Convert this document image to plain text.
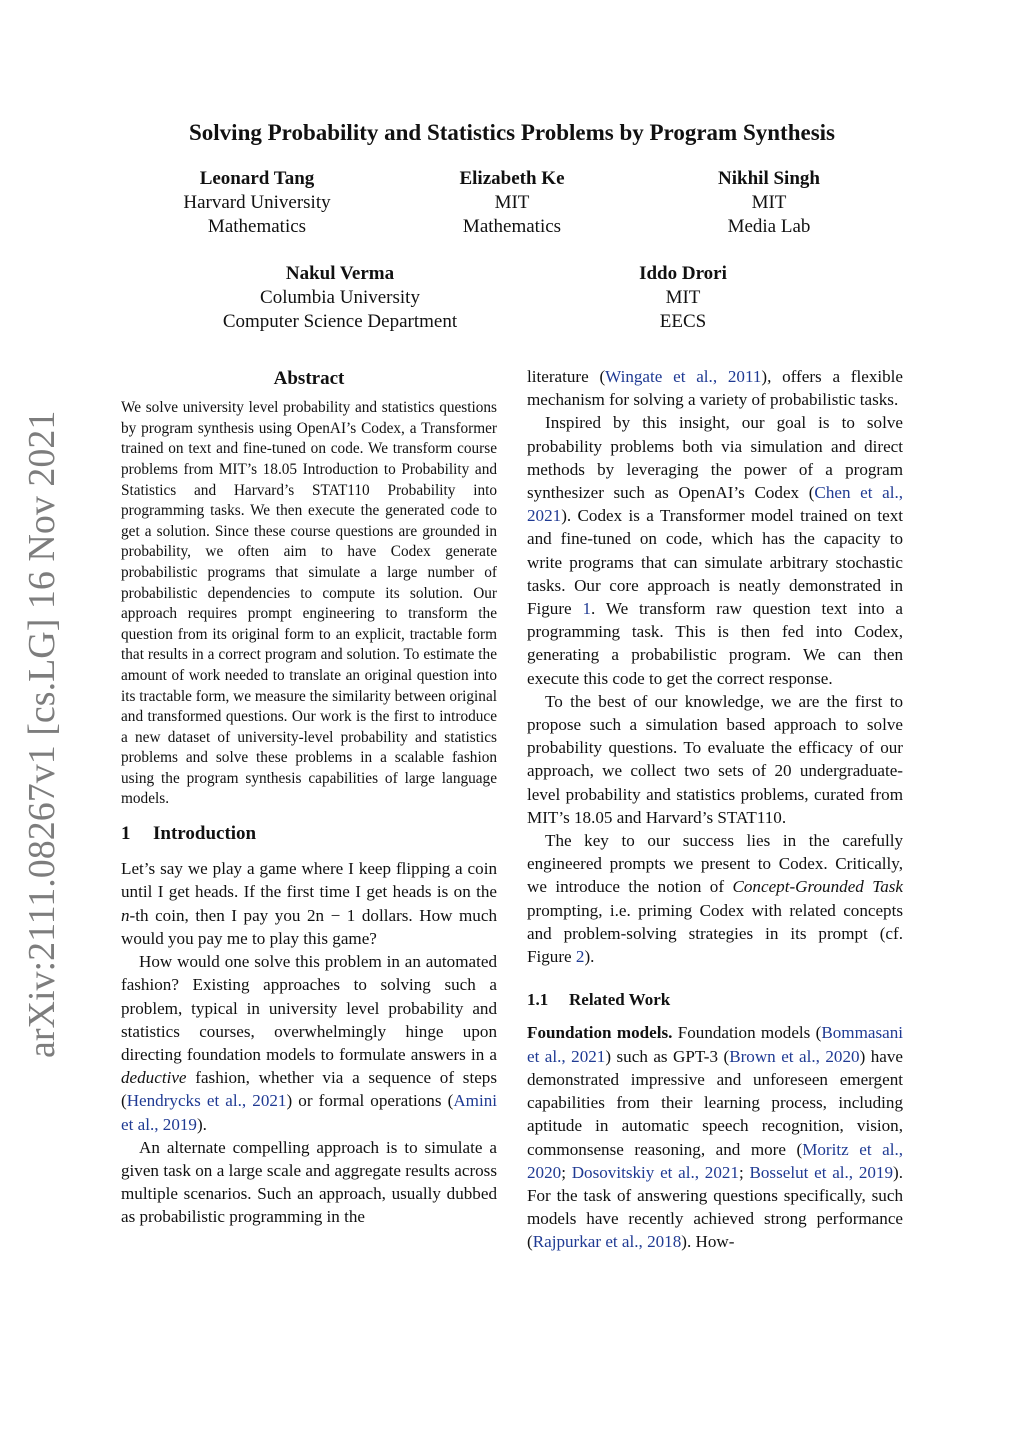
arXiv:2111.08267v1 [cs.LG] 16 Nov 2021
Solving Probability and Statistics Problems by Program Synthesis
Leonard Tang
Harvard University
Mathematics
Elizabeth Ke
MIT
Mathematics
Nikhil Singh
MIT
Media Lab
Nakul Verma
Columbia University
Computer Science Department
Iddo Drori
MIT
EECS
Abstract

We solve university level probability and statistics questions by program synthesis using OpenAI’s Codex, a Transformer trained on text and fine-tuned on code. We transform course problems from MIT’s 18.05 Introduction to Probability and Statistics and Harvard’s STAT110 Probability into programming tasks. We then execute the generated code to get a solution. Since these course questions are grounded in probability, we often aim to have Codex generate probabilistic programs that simulate a large number of probabilistic dependencies to compute its solution. Our approach requires prompt engineering to transform the question from its original form to an explicit, tractable form that results in a correct program and solution. To estimate the amount of work needed to translate an original question into its tractable form, we measure the similarity between original and transformed questions. Our work is the first to introduce a new dataset of university-level probability and statistics problems and solve these problems in a scalable fashion using the program synthesis capabilities of large language models.

1 Introduction

Let’s say we play a game where I keep flipping a coin until I get heads. If the first time I get heads is on the n-th coin, then I pay you 2n − 1 dollars. How much would you pay me to play this game?

How would one solve this problem in an automated fashion? Existing approaches to solving such a problem, typical in university level probability and statistics courses, overwhelmingly hinge upon directing foundation models to formulate answers in a deductive fashion, whether via a sequence of steps (Hendrycks et al., 2021) or formal operations (Amini et al., 2019).

An alternate compelling approach is to simulate a given task on a large scale and aggregate results across multiple scenarios. Such an approach, usually dubbed as probabilistic programming in the

literature (Wingate et al., 2011), offers a flexible mechanism for solving a variety of probabilistic tasks.

Inspired by this insight, our goal is to solve probability problems both via simulation and direct methods by leveraging the power of a program synthesizer such as OpenAI’s Codex (Chen et al., 2021). Codex is a Transformer model trained on text and fine-tuned on code, which has the capacity to write programs that can simulate arbitrary stochastic tasks. Our core approach is neatly demonstrated in Figure 1. We transform raw question text into a programming task. This is then fed into Codex, generating a probabilistic program. We can then execute this code to get the correct response.

To the best of our knowledge, we are the first to propose such a simulation based approach to solve probability questions. To evaluate the efficacy of our approach, we collect two sets of 20 undergraduate-level probability and statistics problems, curated from MIT’s 18.05 and Harvard’s STAT110.

The key to our success lies in the carefully engineered prompts we present to Codex. Critically, we introduce the notion of Concept-Grounded Task prompting, i.e. priming Codex with related concepts and problem-solving strategies in its prompt (cf. Figure 2).

1.1 Related Work

Foundation models. Foundation models (Bommasani et al., 2021) such as GPT-3 (Brown et al., 2020) have demonstrated impressive and unforeseen emergent capabilities from their learning process, including aptitude in automatic speech recognition, vision, commonsense reasoning, and more (Moritz et al., 2020; Dosovitskiy et al., 2021; Bosselut et al., 2019). For the task of answering questions specifically, such models have recently achieved strong performance (Rajpurkar et al., 2018). How-
